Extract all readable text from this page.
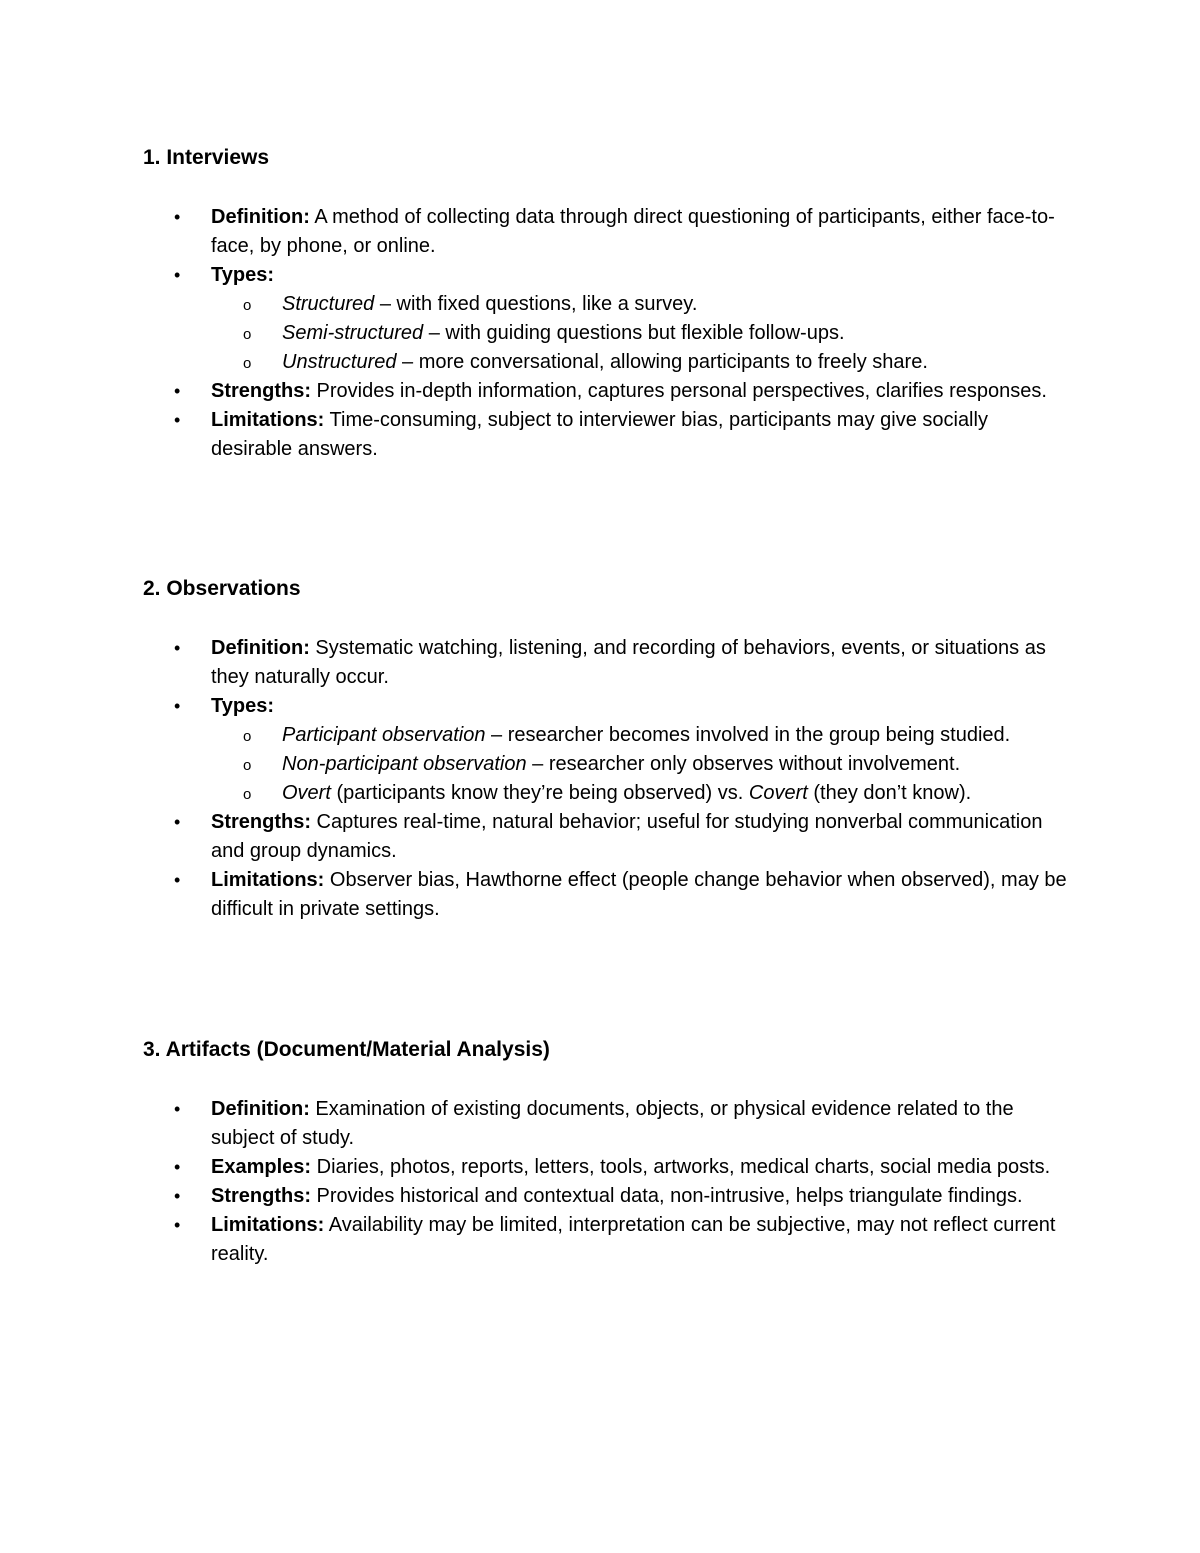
1. Interviews
• Definition: A method of collecting data through direct questioning of participants, either face-to-face, by phone, or online.
• Types:
o	Structured – with fixed questions, like a survey.
o	Semi-structured – with guiding questions but flexible follow-ups.
o	Unstructured – more conversational, allowing participants to freely share.
• Strengths: Provides in-depth information, captures personal perspectives, clarifies responses.
• Limitations: Time-consuming, subject to interviewer bias, participants may give socially desirable answers.
2. Observations
• Definition: Systematic watching, listening, and recording of behaviors, events, or situations as they naturally occur.
• Types:
o	Participant observation – researcher becomes involved in the group being studied.
o	Non-participant observation – researcher only observes without involvement.
o	Overt (participants know they’re being observed) vs. Covert (they don’t know).
• Strengths: Captures real-time, natural behavior; useful for studying nonverbal communication and group dynamics.
• Limitations: Observer bias, Hawthorne effect (people change behavior when observed), may be difficult in private settings.
3. Artifacts (Document/Material Analysis)
• Definition: Examination of existing documents, objects, or physical evidence related to the subject of study.
• Examples: Diaries, photos, reports, letters, tools, artworks, medical charts, social media posts.
• Strengths: Provides historical and contextual data, non-intrusive, helps triangulate findings.
• Limitations: Availability may be limited, interpretation can be subjective, may not reflect current reality.
